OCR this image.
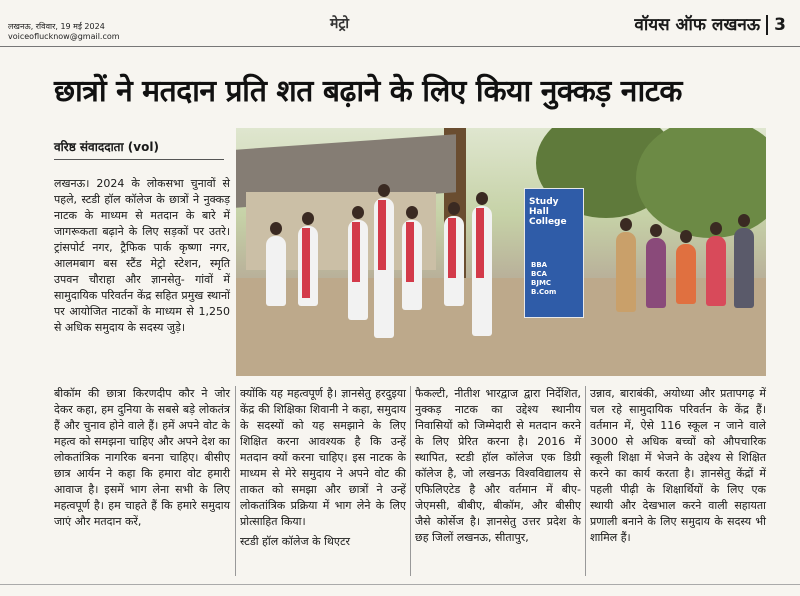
लखनऊ, रविवार, 19 मई 2024
voiceoflucknow@gmail.com
मेट्रो	वॉयस ऑफ लखनऊ 3
छात्रों ने मतदान प्रति शत बढ़ाने के लिए किया नुक्कड़ नाटक
वरिष्ठ संवाददाता (vol)

लखनऊ। 2024 के लोकसभा चुनावों से पहले, स्टडी हॉल कॉलेज के छात्रों ने नुक्कड़ नाटक के माध्यम से मतदान के बारे में जागरूकता बढ़ाने के लिए सड़कों पर उतरे। ट्रांसपोर्ट नगर, ट्रैफिक पार्क कृष्णा नगर, आलमबाग बस स्टैंड मेट्रो स्टेशन, स्मृति उपवन चौराहा और ज्ञानसेतु- गांवों में सामुदायिक परिवर्तन केंद्र सहित प्रमुख स्थानों पर आयोजित नाटकों के माध्यम से 1,250 से अधिक समुदाय के सदस्य जुड़े।

Study Hall College
BBA
BCA
BJMC
B.Com

बीकॉम की छात्रा किरणदीप कौर ने जोर देकर कहा, हम दुनिया के सबसे बड़े लोकतंत्र हैं और चुनाव होने वाले हैं। हमें अपने वोट के महत्व को समझना चाहिए और अपने देश का लोकतांत्रिक नागरिक बनना चाहिए। बीसीए छात्र आर्यन ने कहा कि हमारा वोट हमारी आवाज है। इसमें भाग लेना सभी के लिए महत्वपूर्ण है। हम चाहते हैं कि हमारे समुदाय जाएं और मतदान करें,

क्योंकि यह महत्वपूर्ण है। ज्ञानसेतु हरदुइया केंद्र की शिक्षिका शिवानी ने कहा, समुदाय के सदस्यों को यह समझाने के लिए शिक्षित करना आवश्यक है कि उन्हें मतदान क्यों करना चाहिए। इस नाटक के माध्यम से मेरे समुदाय ने अपने वोट की ताकत को समझा और छात्रों ने उन्हें लोकतांत्रिक प्रक्रिया में भाग लेने के लिए प्रोत्साहित किया।

स्टडी हॉल कॉलेज के थिएटर

फैकल्टी, नीतीश भारद्वाज द्वारा निर्देशित, नुक्कड़ नाटक का उद्देश्य स्थानीय निवासियों को जिम्मेदारी से मतदान करने के लिए प्रेरित करना है। 2016 में स्थापित, स्टडी हॉल कॉलेज एक डिग्री कॉलेज है, जो लखनऊ विश्वविद्यालय से एफिलिएटेड है और वर्तमान में बीए-जेएमसी, बीबीए, बीकॉम, और बीसीए जैसे कोर्सेज है। ज्ञानसेतु उत्तर प्रदेश के छह जिलों लखनऊ, सीतापुर,

उन्नाव, बाराबंकी, अयोध्या और प्रतापगढ़ में चल रहे सामुदायिक परिवर्तन के केंद्र हैं। वर्तमान में, ऐसे 116 स्कूल न जाने वाले 3000 से अधिक बच्चों को औपचारिक स्कूली शिक्षा में भेजने के उद्देश्य से शिक्षित करने का कार्य करता है। ज्ञानसेतु केंद्रों में पहली पीढ़ी के शिक्षार्थियों के लिए एक स्थायी और देखभाल करने वाली सहायता प्रणाली बनाने के लिए समुदाय के सदस्य भी शामिल हैं।
